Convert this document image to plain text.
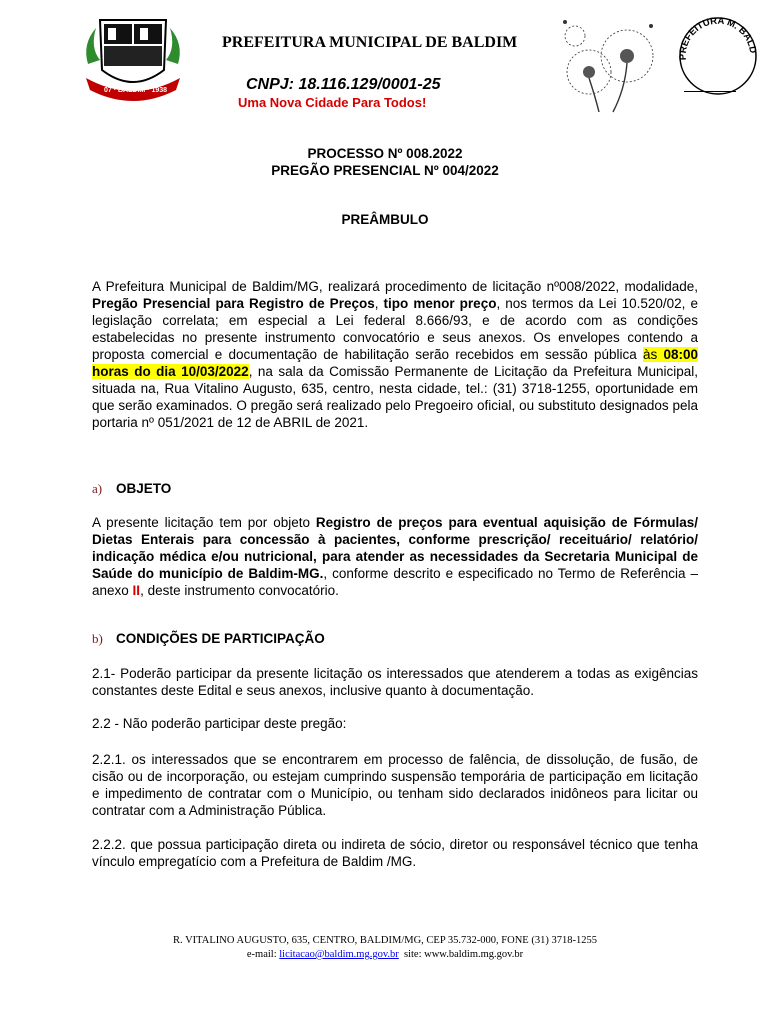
07 · BALDIM · 1938
PREFEITURA MUNICIPAL DE BALDIM
PREFEITURA M. BALD
CNPJ: 18.116.129/0001-25
Uma Nova Cidade Para Todos!
PROCESSO Nº 008.2022
PREGÃO PRESENCIAL Nº 004/2022
PREÂMBULO
A Prefeitura Municipal de Baldim/MG, realizará procedimento de licitação nº008/2022, modalidade, Pregão Presencial para Registro de Preços, tipo menor preço, nos termos da Lei 10.520/02, e legislação correlata; em especial a Lei federal 8.666/93, e de acordo com as condições estabelecidas no presente instrumento convocatório e seus anexos. Os envelopes contendo a proposta comercial e documentação de habilitação serão recebidos em sessão pública às 08:00 horas do dia 10/03/2022, na sala da Comissão Permanente de Licitação da Prefeitura Municipal, situada na, Rua Vitalino Augusto, 635, centro, nesta cidade, tel.: (31) 3718-1255, oportunidade em que serão examinados. O pregão será realizado pelo Pregoeiro oficial, ou substituto designados pela portaria nº 051/2021 de 12 de ABRIL de 2021.
a) OBJETO
A presente licitação tem por objeto Registro de preços para eventual aquisição de Fórmulas/ Dietas Enterais para concessão à pacientes, conforme prescrição/ receituário/ relatório/ indicação médica e/ou nutricional, para atender as necessidades da Secretaria Municipal de Saúde do município de Baldim-MG., conforme descrito e especificado no Termo de Referência – anexo II, deste instrumento convocatório.
b) CONDIÇÕES DE PARTICIPAÇÃO
2.1- Poderão participar da presente licitação os interessados que atenderem a todas as exigências constantes deste Edital e seus anexos, inclusive quanto à documentação.
2.2 - Não poderão participar deste pregão:
2.2.1. os interessados que se encontrarem em processo de falência, de dissolução, de fusão, de cisão ou de incorporação, ou estejam cumprindo suspensão temporária de participação em licitação e impedimento de contratar com o Município, ou tenham sido declarados inidôneos para licitar ou contratar com a Administração Pública.
2.2.2. que possua participação direta ou indireta de sócio, diretor ou responsável técnico que tenha vínculo empregatício com a Prefeitura de Baldim /MG.
R. VITALINO AUGUSTO, 635, CENTRO, BALDIM/MG, CEP 35.732-000, FONE (31) 3718-1255
e-mail: licitacao@baldim.mg.gov.br  site: www.baldim.mg.gov.br
